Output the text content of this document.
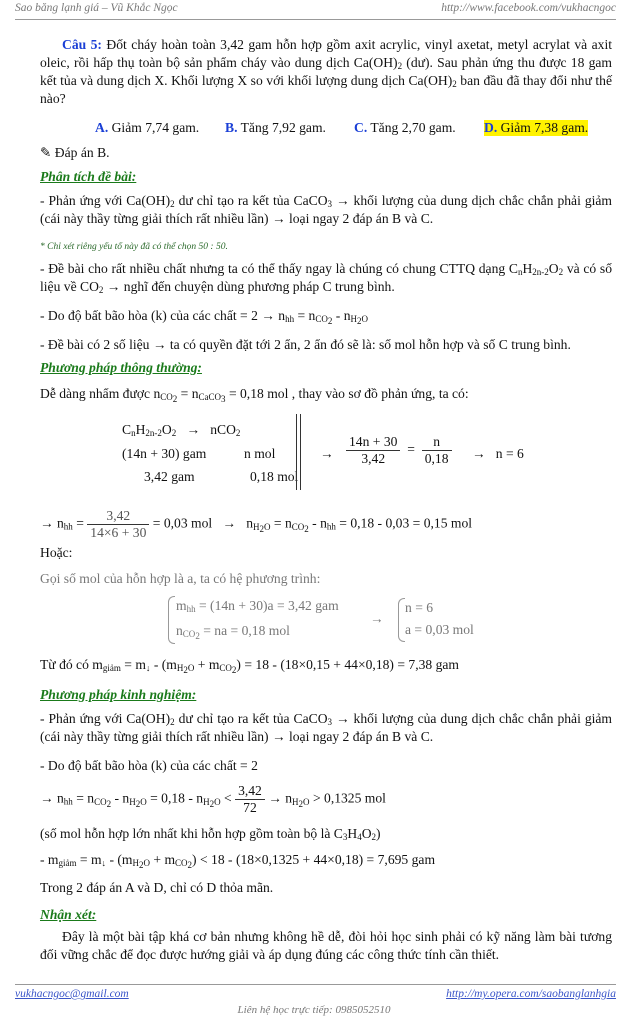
Sao băng lạnh giá – Vũ Khắc Ngọc	http://www.facebook.com/vukhacngoc

Câu 5: Đốt cháy hoàn toàn 3,42 gam hỗn hợp gồm axit acrylic, vinyl axetat, metyl acrylat và axit oleic, rồi hấp thụ toàn bộ sản phẩm cháy vào dung dịch $Ca(OH)_2$ (dư). Sau phản ứng thu được 18 gam kết tủa và dung dịch X. Khối lượng X so với khối lượng dung dịch $Ca(OH)_2$ ban đầu đã thay đổi như thế nào?

A. Giảm 7,74 gam. B. Tăng 7,92 gam. C. Tăng 2,70 gam. D. Giảm 7,38 gam.
✎ Đáp án B.
Phân tích đề bài:

- Phản ứng với $Ca(OH)_2$ dư chỉ tạo ra kết tủa CaCO$_3$ → khối lượng của dung dịch chắc chắn phải giảm (cái này thầy từng giải thích rất nhiều lần) → loại ngay 2 đáp án B và C.

* Chỉ xét riêng yếu tố này đã có thể chọn 50 : 50.

- Đề bài cho rất nhiều chất nhưng ta có thể thấy ngay là chúng có chung CTTQ dạng $C_nH_{2n-2}O_2$ và có số liệu về $CO_2$ → nghĩ đến chuyện dùng phương pháp C trung bình.

- Do độ bất bão hòa (k) của các chất = $2 \to n_{hh} = n_{CO_2} - n_{H_2O}$

- Đề bài có 2 số liệu → ta có quyền đặt tới 2 ẩn, 2 ẩn đó sẽ là: số mol hỗn hợp và số C trung bình.

Phương pháp thông thường:
Dễ dàng nhẩm được $n_{CO_2} = n_{CaCO_3} = 0,18$ mol , thay vào sơ đồ phản ứng, ta có:
$C_nH_{2n-2}O_2 \to nCO_2$
(14n + 30) gam	n mol
3,42 gam	0,18 mol
→ $\frac{14n + 30}{3,42} = \frac{n}{0,18} \to n = 6$
→ $n_{hh} = \frac{3,42}{14\times 6 + 30} = 0,03$ mol   →   $n_{H_2O} = n_{CO_2} - n_{hh} = 0,18 - 0,03 = 0,15$ mol
Hoặc:
Gọi số mol của hỗn hợp là a, ta có hệ phương trình:
$m_{hh} = (14n + 30)a = 3,42$ gam
$n_{CO_2}$ = na = 0,18 mol
→
n = 6
a = 0,03 mol
Từ đó có $m_{giảm} = m_↓ - (m_{H_2O} + m_{CO_2}) = 18 - (18\times 0,15 + 44\times 0,18) = 7,38$ gam
Phương pháp kinh nghiệm:

- Phản ứng với $Ca(OH)_2$ dư chỉ tạo ra kết tủa CaCO$_3$ → khối lượng của dung dịch chắc chắn phải giảm (cái này thầy từng giải thích rất nhiều lần) → loại ngay 2 đáp án B và C.

- Do độ bất bão hòa (k) của các chất = 2

→ $n_{hh} = n_{CO_2} - n_{H_2O} = 0,18 - n_{H_2O} < \frac{3,42}{72} \to n_{H_2O} > 0,1325$ mol
(số mol hỗn hợp lớn nhất khi hỗn hợp gồm toàn bộ là $C_3H_4O_2$)
- $m_{giảm} = m_↓ - (m_{H_2O} + m_{CO_2}) < 18 - (18\times 0,1325 + 44\times 0,18) = 7,695$ gam
Trong 2 đáp án A và D, chỉ có D thỏa mãn.
Nhận xét:

Đây là một bài tập khá cơ bản nhưng không hề dễ, đòi hỏi học sinh phải có kỹ năng làm bài tương đối vững chắc để đọc được hướng giải và áp dụng đúng các công thức tính cần thiết.

vukhacngoc@gmail.com	http://my.opera.com/saobanglanhgia
Liên hệ học trực tiếp: 0985052510
